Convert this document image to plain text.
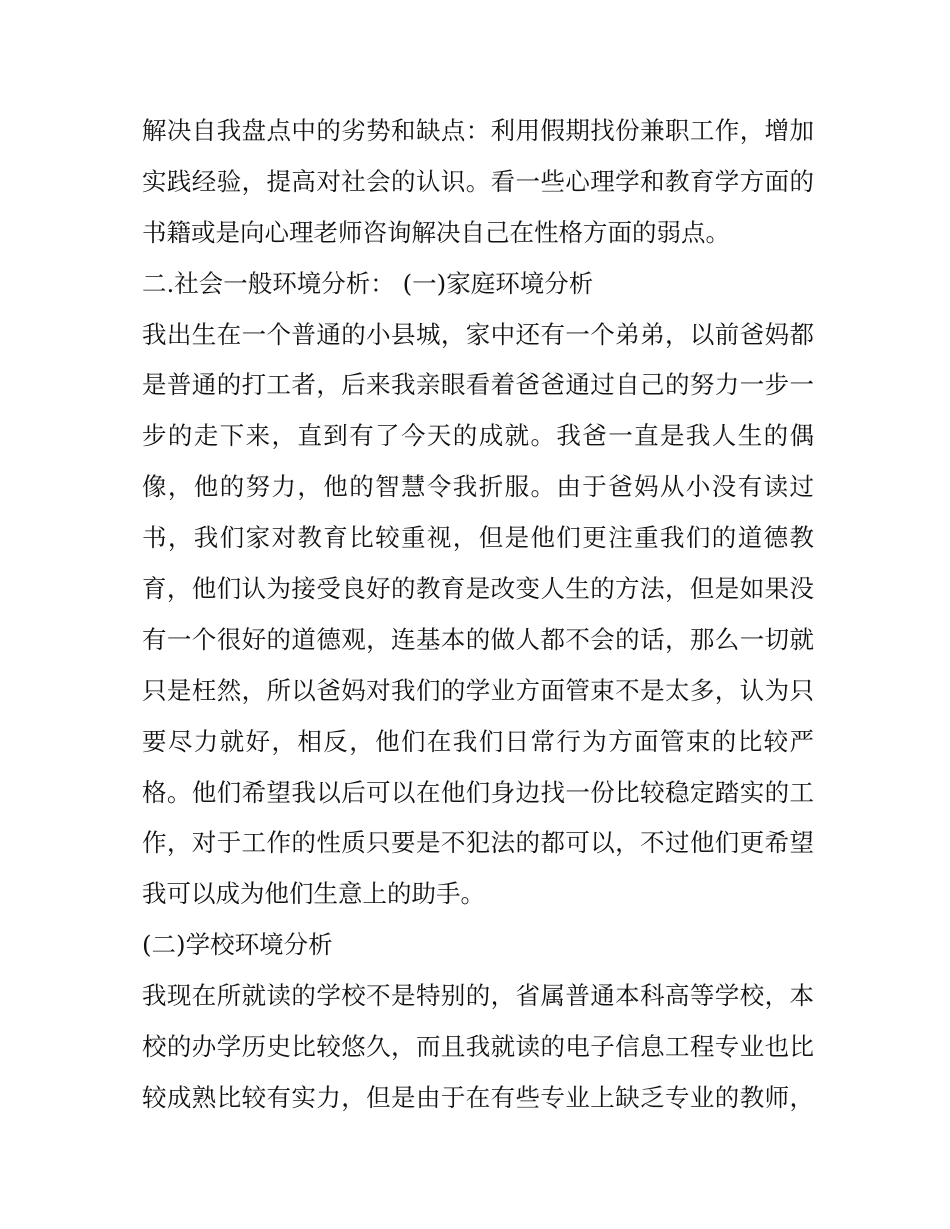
解决自我盘点中的劣势和缺点：利用假期找份兼职工作，增加
实践经验，提高对社会的认识。看一些心理学和教育学方面的
书籍或是向心理老师咨询解决自己在性格方面的弱点。
二.社会一般环境分析： (一)家庭环境分析
我出生在一个普通的小县城，家中还有一个弟弟，以前爸妈都
是普通的打工者，后来我亲眼看着爸爸通过自己的努力一步一
步的走下来，直到有了今天的成就。我爸一直是我人生的偶
像，他的努力，他的智慧令我折服。由于爸妈从小没有读过
书，我们家对教育比较重视，但是他们更注重我们的道德教
育，他们认为接受良好的教育是改变人生的方法，但是如果没
有一个很好的道德观，连基本的做人都不会的话，那么一切就
只是枉然，所以爸妈对我们的学业方面管束不是太多，认为只
要尽力就好，相反，他们在我们日常行为方面管束的比较严
格。他们希望我以后可以在他们身边找一份比较稳定踏实的工
作，对于工作的性质只要是不犯法的都可以，不过他们更希望
我可以成为他们生意上的助手。
(二)学校环境分析
我现在所就读的学校不是特别的，省属普通本科高等学校，本
校的办学历史比较悠久，而且我就读的电子信息工程专业也比
较成熟比较有实力，但是由于在有些专业上缺乏专业的教师，
